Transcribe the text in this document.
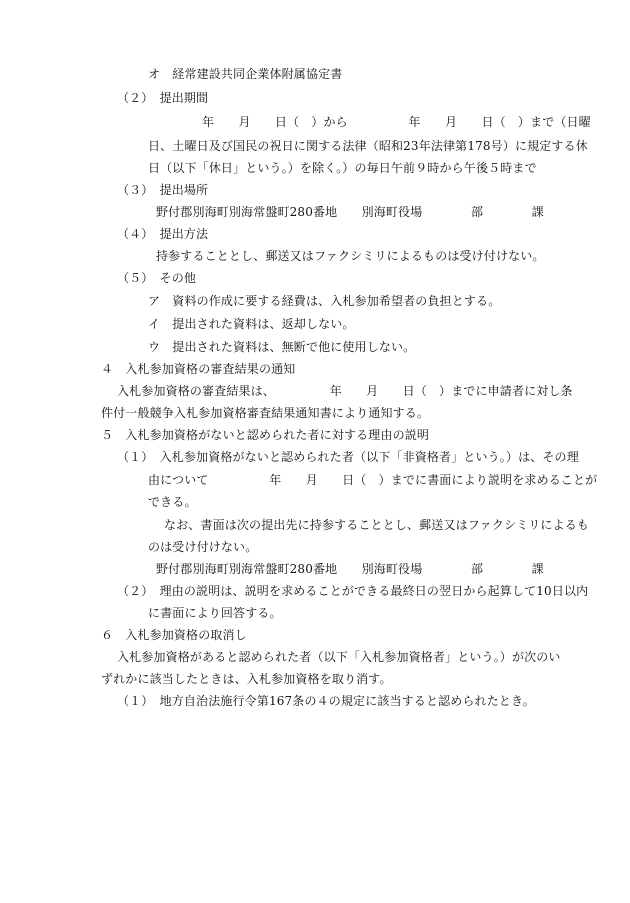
オ　経常建設共同企業体附属協定書
（２）　提出期間
年　　月　　日（　）から　　　　　年　　月　　日（　）まで（日曜
日、土曜日及び国民の祝日に関する法律（昭和23年法律第178号）に規定する休
日（以下「休日」という。）を除く。）の毎日午前９時から午後５時まで
（３）　提出場所
野付郡別海町別海常盤町280番地　　別海町役場　　　　部　　　　課
（４）　提出方法
持参することとし、郵送又はファクシミリによるものは受け付けない。
（５）　その他
ア　資料の作成に要する経費は、入札参加希望者の負担とする。
イ　提出された資料は、返却しない。
ウ　提出された資料は、無断で他に使用しない。
４　入札参加資格の審査結果の通知
入札参加資格の審査結果は、　　　　　年　　月　　日（　）までに申請者に対し条
件付一般競争入札参加資格審査結果通知書により通知する。
５　入札参加資格がないと認められた者に対する理由の説明
（１）　入札参加資格がないと認められた者（以下「非資格者」という。）は、その理
由について　　　　　年　　月　　日（　）までに書面により説明を求めることが
できる。
なお、書面は次の提出先に持参することとし、郵送又はファクシミリによるも
のは受け付けない。
野付郡別海町別海常盤町280番地　　別海町役場　　　　部　　　　課
（２）　理由の説明は、説明を求めることができる最終日の翌日から起算して10日以内
に書面により回答する。
６　入札参加資格の取消し
入札参加資格があると認められた者（以下「入札参加資格者」という。）が次のい
ずれかに該当したときは、入札参加資格を取り消す。
（１）　地方自治法施行令第167条の４の規定に該当すると認められたとき。
